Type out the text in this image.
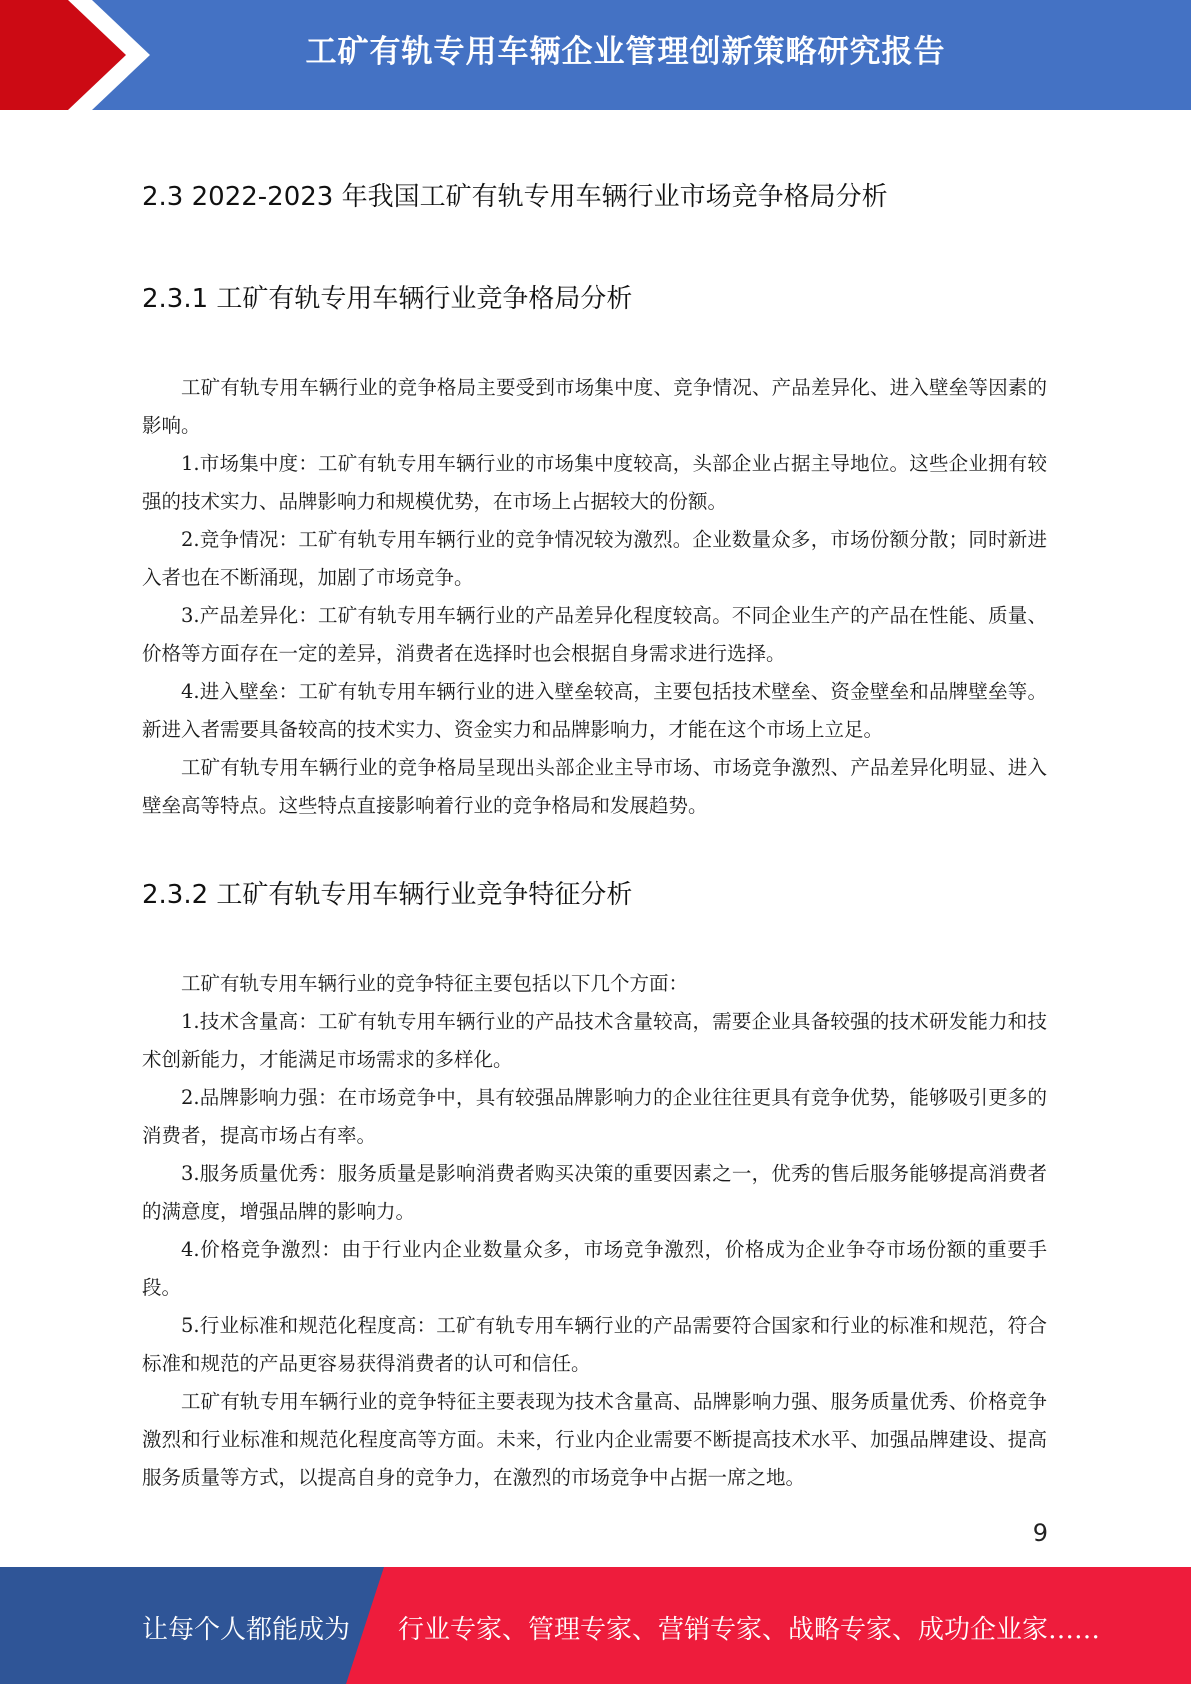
工矿有轨专用车辆企业管理创新策略研究报告
2.3 2022-2023 年我国工矿有轨专用车辆行业市场竞争格局分析
2.3.1 工矿有轨专用车辆行业竞争格局分析

工矿有轨专用车辆行业的竞争格局主要受到市场集中度、竞争情况、产品差异化、进入壁垒等因素的影响。

1.市场集中度：工矿有轨专用车辆行业的市场集中度较高，头部企业占据主导地位。这些企业拥有较强的技术实力、品牌影响力和规模优势，在市场上占据较大的份额。

2.竞争情况：工矿有轨专用车辆行业的竞争情况较为激烈。企业数量众多，市场份额分散；同时新进入者也在不断涌现，加剧了市场竞争。

3.产品差异化：工矿有轨专用车辆行业的产品差异化程度较高。不同企业生产的产品在性能、质量、价格等方面存在一定的差异，消费者在选择时也会根据自身需求进行选择。

4.进入壁垒：工矿有轨专用车辆行业的进入壁垒较高，主要包括技术壁垒、资金壁垒和品牌壁垒等。新进入者需要具备较高的技术实力、资金实力和品牌影响力，才能在这个市场上立足。

工矿有轨专用车辆行业的竞争格局呈现出头部企业主导市场、市场竞争激烈、产品差异化明显、进入壁垒高等特点。这些特点直接影响着行业的竞争格局和发展趋势。

2.3.2 工矿有轨专用车辆行业竞争特征分析

工矿有轨专用车辆行业的竞争特征主要包括以下几个方面：

1.技术含量高：工矿有轨专用车辆行业的产品技术含量较高，需要企业具备较强的技术研发能力和技术创新能力，才能满足市场需求的多样化。

2.品牌影响力强：在市场竞争中，具有较强品牌影响力的企业往往更具有竞争优势，能够吸引更多的消费者，提高市场占有率。

3.服务质量优秀：服务质量是影响消费者购买决策的重要因素之一，优秀的售后服务能够提高消费者的满意度，增强品牌的影响力。

4.价格竞争激烈：由于行业内企业数量众多，市场竞争激烈，价格成为企业争夺市场份额的重要手段。

5.行业标准和规范化程度高：工矿有轨专用车辆行业的产品需要符合国家和行业的标准和规范，符合标准和规范的产品更容易获得消费者的认可和信任。

工矿有轨专用车辆行业的竞争特征主要表现为技术含量高、品牌影响力强、服务质量优秀、价格竞争激烈和行业标准和规范化程度高等方面。未来，行业内企业需要不断提高技术水平、加强品牌建设、提高服务质量等方式，以提高自身的竞争力，在激烈的市场竞争中占据一席之地。

9
让每个人都能成为 行业专家、管理专家、营销专家、战略专家、成功企业家……
